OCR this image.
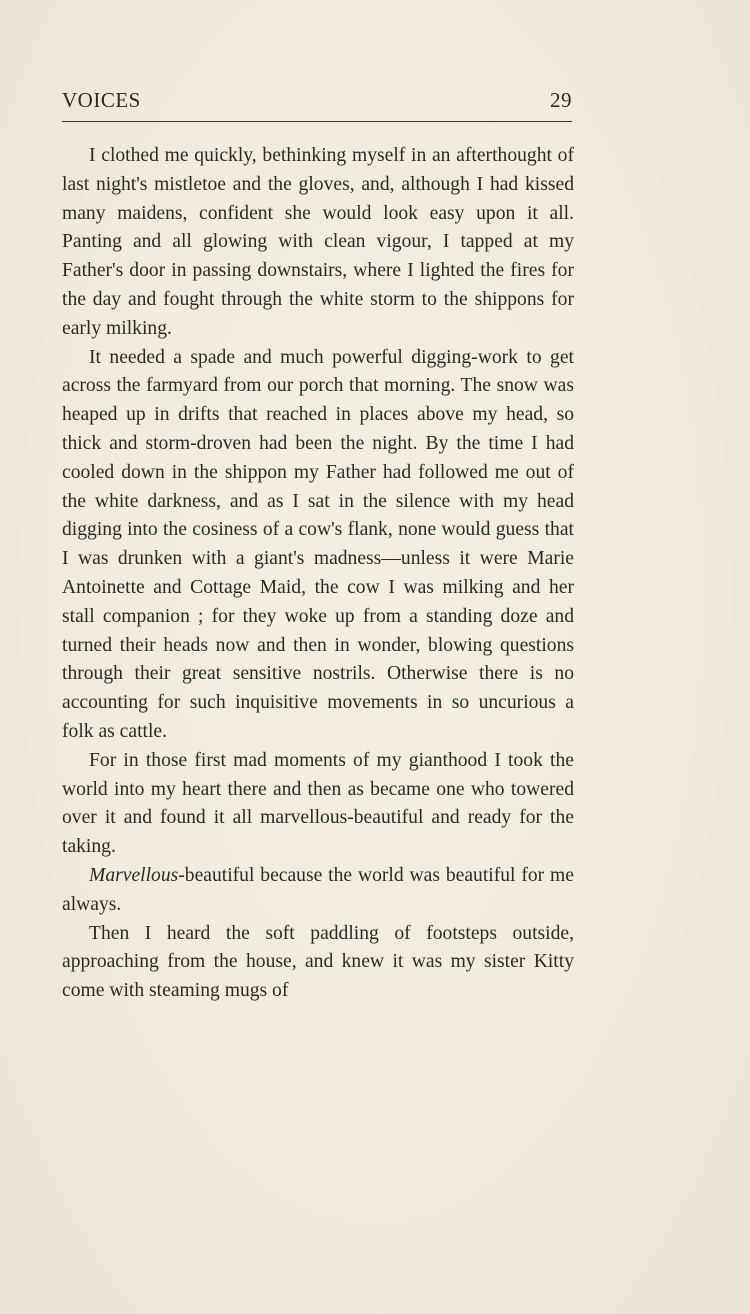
VOICES	29

I clothed me quickly, bethinking myself in an afterthought of last night's mistletoe and the gloves, and, although I had kissed many maidens, confident she would look easy upon it all. Panting and all glowing with clean vigour, I tapped at my Father's door in passing downstairs, where I lighted the fires for the day and fought through the white storm to the shippons for early milking.

It needed a spade and much powerful digging-work to get across the farmyard from our porch that morning. The snow was heaped up in drifts that reached in places above my head, so thick and storm-droven had been the night. By the time I had cooled down in the shippon my Father had followed me out of the white darkness, and as I sat in the silence with my head digging into the cosiness of a cow's flank, none would guess that I was drunken with a giant's madness—unless it were Marie Antoinette and Cottage Maid, the cow I was milking and her stall companion ; for they woke up from a standing doze and turned their heads now and then in wonder, blowing questions through their great sensitive nostrils. Otherwise there is no accounting for such inquisitive movements in so uncurious a folk as cattle.

For in those first mad moments of my gianthood I took the world into my heart there and then as became one who towered over it and found it all marvellous-beautiful and ready for the taking.

Marvellous-beautiful because the world was beautiful for me always.

Then I heard the soft paddling of footsteps outside, approaching from the house, and knew it was my sister Kitty come with steaming mugs of
